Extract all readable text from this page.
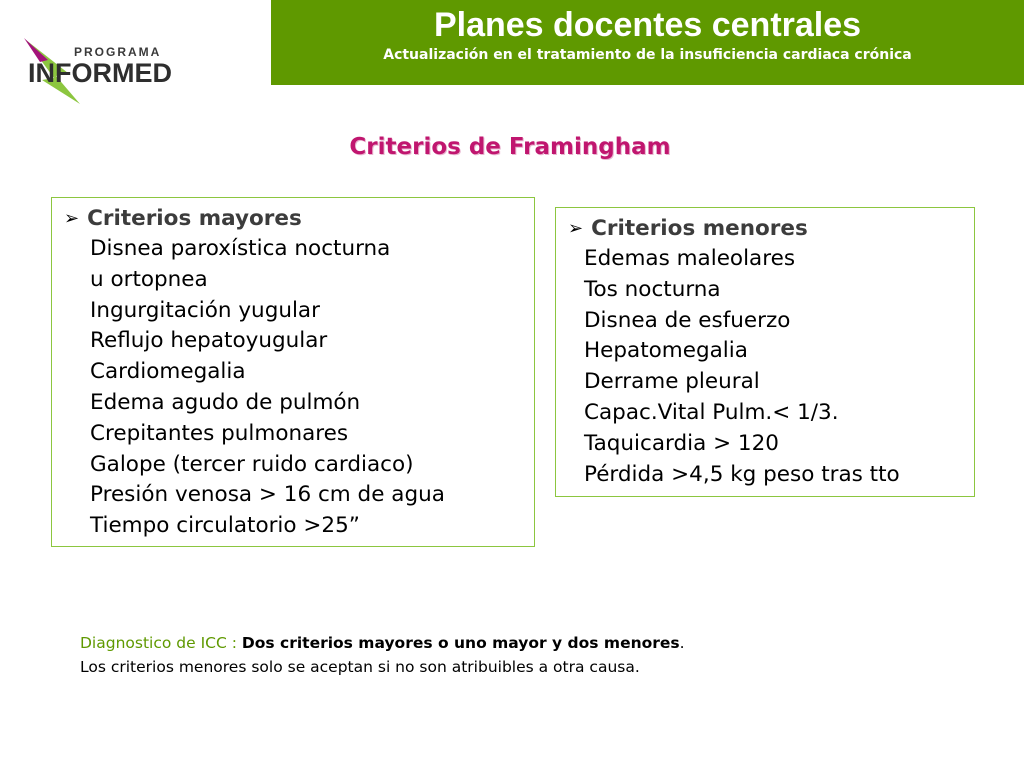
PROGRAMA
INFORMED
Planes docentes centrales
Actualización en el tratamiento de la insuficiencia cardiaca crónica
Criterios de Framingham
➢ Criterios mayores
Disnea paroxística nocturna
u ortopnea
Ingurgitación yugular
Reflujo hepatoyugular
Cardiomegalia
Edema agudo de pulmón
Crepitantes pulmonares
Galope (tercer ruido cardiaco)
Presión venosa > 16 cm de agua
Tiempo circulatorio >25”
➢ Criterios menores
Edemas maleolares
Tos nocturna
Disnea de esfuerzo
Hepatomegalia
Derrame pleural
Capac.Vital Pulm.< 1/3.
Taquicardia > 120
Pérdida >4,5 kg peso tras tto
Diagnostico de ICC : Dos criterios mayores o uno mayor y dos menores.
Los criterios menores solo se aceptan si no son atribuibles a otra causa.
